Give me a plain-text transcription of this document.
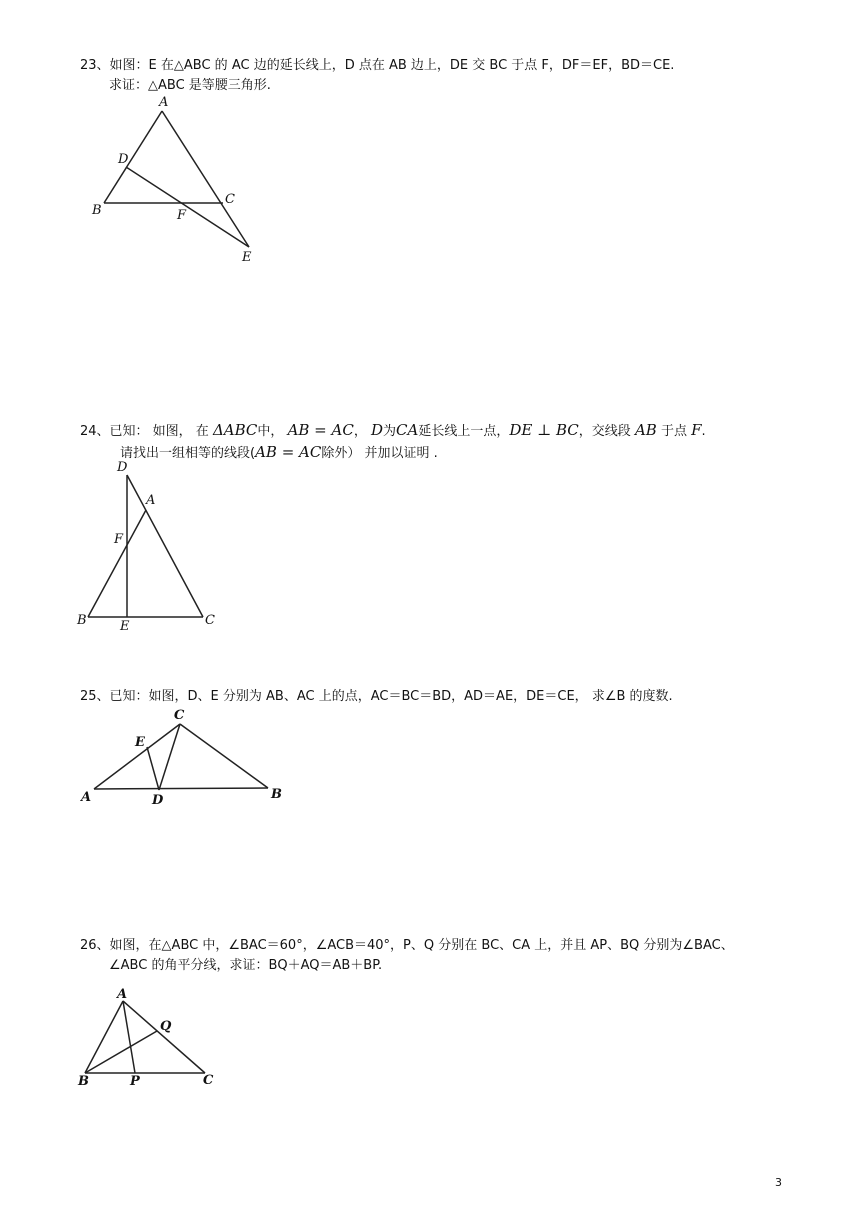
23、如图：E 在△ABC 的 AC 边的延长线上，D 点在 AB 边上，DE 交 BC 于点 F，DF＝EF，BD＝CE.
求证：△ABC 是等腰三角形.
A
B
C
D
E
F
24、已知： 如图， 在 ΔABC中， AB = AC， D为CA延长线上一点，DE ⊥ BC，交线段 AB 于点 F.
请找出一组相等的线段(AB = AC除外） 并加以证明 .
D
A
F
B	E	C
25、已知：如图，D、E 分别为 AB、AC 上的点，AC＝BC＝BD，AD＝AE，DE＝CE， 求∠B 的度数.
C
E
A	D	B
26、如图，在△ABC 中，∠BAC＝60°，∠ACB＝40°，P、Q 分别在 BC、CA 上，并且 AP、BQ 分别为∠BAC、
∠ABC 的角平分线，求证：BQ＋AQ＝AB＋BP.
A
Q
B	P	C
3
